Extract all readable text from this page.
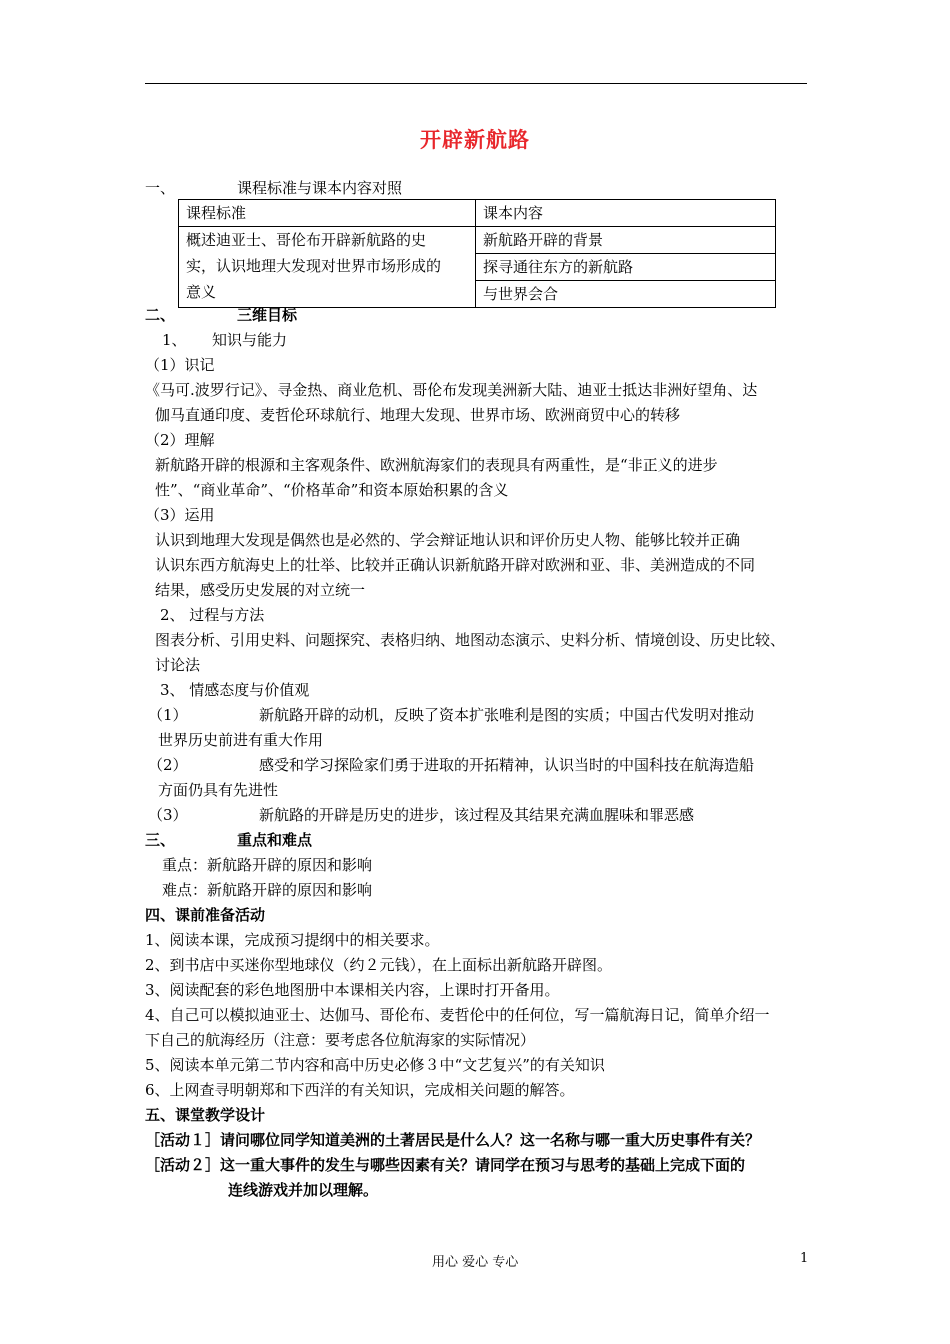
开辟新航路
一、	课程标准与课本内容对照
课程标准	课本内容

概述迪亚士、哥伦布开辟新航路的史
实，认识地理大发现对世界市场形成的
意义	新航路开辟的背景
	探寻通往东方的新航路
	与世界会合
二、	三维目标
1、 知识与能力
（1）识记
《马可.波罗行记》、寻金热、商业危机、哥伦布发现美洲新大陆、迪亚士抵达非洲好望角、达
伽马直通印度、麦哲伦环球航行、地理大发现、世界市场、欧洲商贸中心的转移
（2）理解
新航路开辟的根源和主客观条件、欧洲航海家们的表现具有两重性，是“非正义的进步
性”、“商业革命”、“价格革命”和资本原始积累的含义
（3）运用
认识到地理大发现是偶然也是必然的、学会辩证地认识和评价历史人物、能够比较并正确
认识东西方航海史上的壮举、比较并正确认识新航路开辟对欧洲和亚、非、美洲造成的不同
结果，感受历史发展的对立统一
2、 过程与方法
图表分析、引用史料、问题探究、表格归纳、地图动态演示、史料分析、情境创设、历史比较、
讨论法
3、 情感态度与价值观
（1）	新航路开辟的动机，反映了资本扩张唯利是图的实质；中国古代发明对推动
世界历史前进有重大作用
（2）	感受和学习探险家们勇于进取的开拓精神，认识当时的中国科技在航海造船
方面仍具有先进性
（3）	新航路的开辟是历史的进步，该过程及其结果充满血腥味和罪恶感
三、	重点和难点
重点：新航路开辟的原因和影响
难点：新航路开辟的原因和影响
四、课前准备活动
1、阅读本课，完成预习提纲中的相关要求。
2、到书店中买迷你型地球仪（约２元钱），在上面标出新航路开辟图。
3、阅读配套的彩色地图册中本课相关内容，上课时打开备用。
4、自己可以模拟迪亚士、达伽马、哥伦布、麦哲伦中的任何位，写一篇航海日记，简单介绍一
下自己的航海经历（注意：要考虑各位航海家的实际情况）
5、阅读本单元第二节内容和高中历史必修３中“文艺复兴”的有关知识
6、上网查寻明朝郑和下西洋的有关知识，完成相关问题的解答。
五、课堂教学设计
［活动１］请问哪位同学知道美洲的土著居民是什么人？这一名称与哪一重大历史事件有关？
［活动２］这一重大事件的发生与哪些因素有关？请同学在预习与思考的基础上完成下面的
连线游戏并加以理解。
用心 爱心 专心	1
